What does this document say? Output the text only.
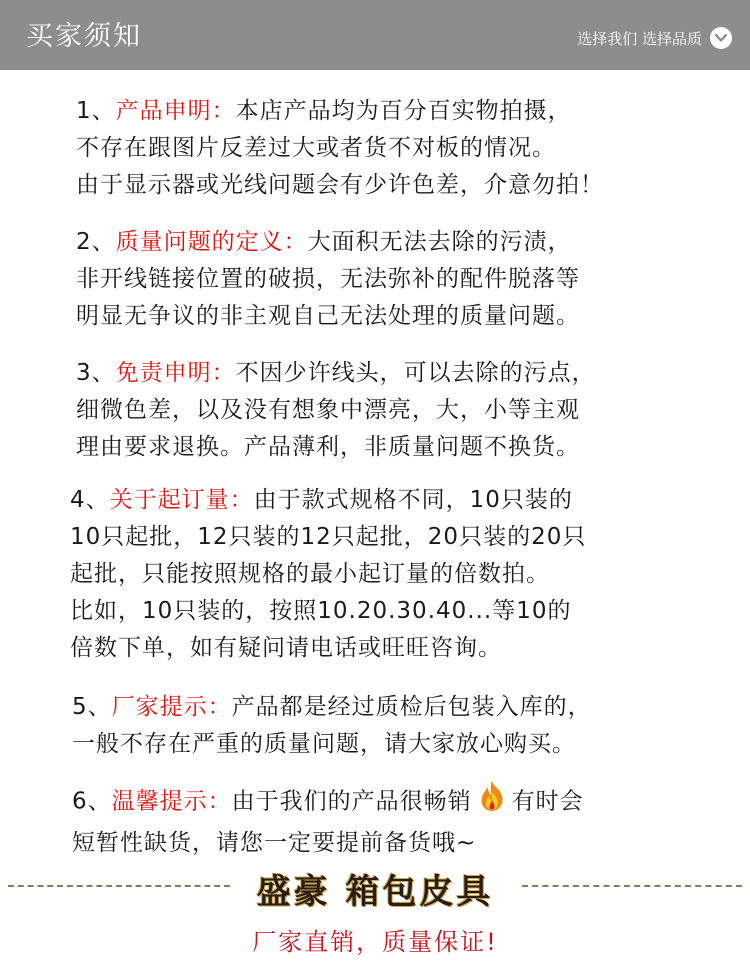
买家须知	选择我们 选择品质
1、产品申明：本店产品均为百分百实物拍摄，
不存在跟图片反差过大或者货不对板的情况。
由于显示器或光线问题会有少许色差，介意勿拍！
2、质量问题的定义：大面积无法去除的污渍，
非开线链接位置的破损，无法弥补的配件脱落等
明显无争议的非主观自己无法处理的质量问题。
3、免责申明：不因少许线头，可以去除的污点，
细微色差，以及没有想象中漂亮，大，小等主观
理由要求退换。产品薄利，非质量问题不换货。
4、关于起订量：由于款式规格不同，10只装的
10只起批，12只装的12只起批，20只装的20只
起批，只能按照规格的最小起订量的倍数拍。
比如，10只装的，按照10.20.30.40...等10的
倍数下单，如有疑问请电话或旺旺咨询。
5、厂家提示：产品都是经过质检后包装入库的，
一般不存在严重的质量问题，请大家放心购买。
6、温馨提示：由于我们的产品很畅销 有时会
短暂性缺货，请您一定要提前备货哦~
盛豪 箱包皮具
厂家直销，质量保证!
